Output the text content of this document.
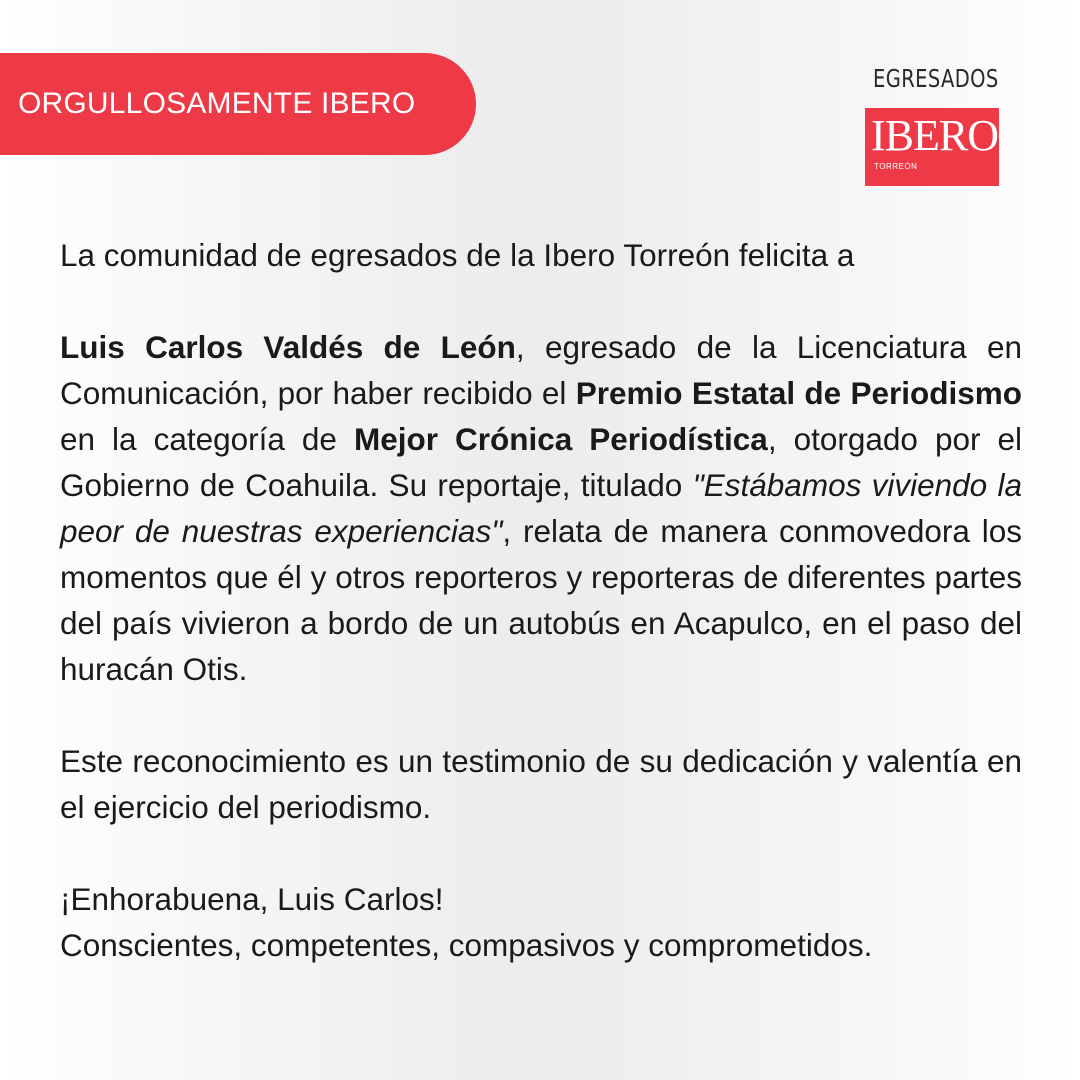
ORGULLOSAMENTE IBERO
EGRESADOS
IBERO
TORREÓN

La comunidad de egresados de la Ibero Torreón felicita a

Luis Carlos Valdés de León, egresado de la Licenciatura en Comunicación, por haber recibido el Premio Estatal de Periodismo en la categoría de Mejor Crónica Periodística, otorgado por el Gobierno de Coahuila. Su reportaje, titulado "Estábamos viviendo la peor de nuestras experiencias", relata de manera conmovedora los momentos que él y otros reporteros y reporteras de diferentes partes del país vivieron a bordo de un autobús en Acapulco, en el paso del huracán Otis.

Este reconocimiento es un testimonio de su dedicación y valentía en el ejercicio del periodismo.

¡Enhorabuena, Luis Carlos!
Conscientes, competentes, compasivos y comprometidos.
